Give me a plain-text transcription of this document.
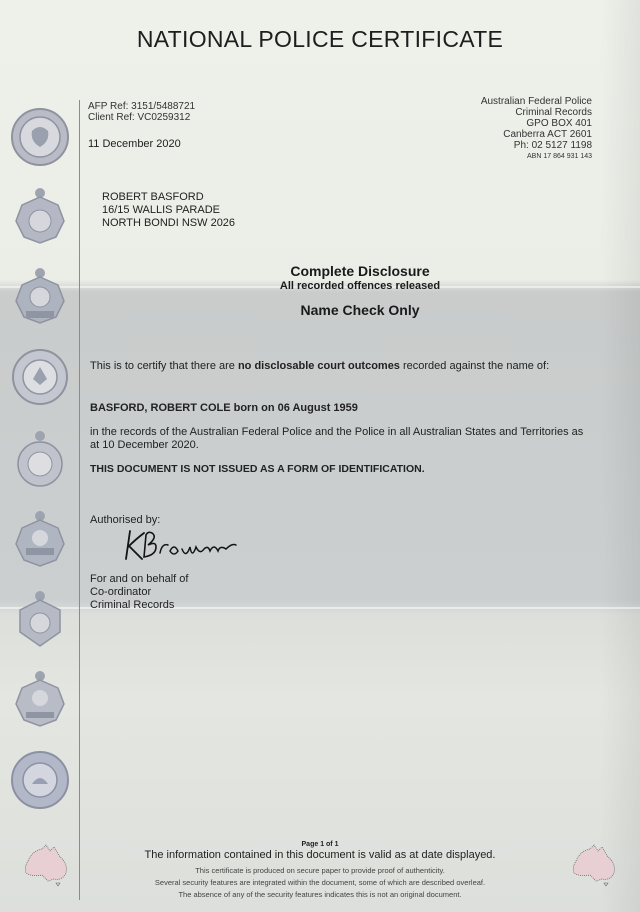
NATIONAL POLICE CERTIFICATE
AFP Ref: 3151/5488721
Client Ref: VC0259312
11 December 2020
Australian Federal Police
Criminal Records
GPO BOX 401
Canberra ACT 2601
Ph: 02 5127 1198
ABN 17 864 931 143
ROBERT BASFORD
16/15 WALLIS PARADE
NORTH BONDI NSW 2026
Complete Disclosure
All recorded offences released
Name Check Only
This is to certify that there are no disclosable court outcomes recorded against the name of:
BASFORD, ROBERT COLE born on 06 August 1959
in the records of the Australian Federal Police and the Police in all Australian States and Territories as at 10 December 2020.
THIS DOCUMENT IS NOT ISSUED AS A FORM OF IDENTIFICATION.
Authorised by:
For and on behalf of
Co-ordinator
Criminal Records
Page 1 of 1
The information contained in this document is valid as at date displayed.
This certificate is produced on secure paper to provide proof of authenticity.
Several security features are integrated within the document, some of which are described overleaf.
The absence of any of the security features indicates this is not an original document.
